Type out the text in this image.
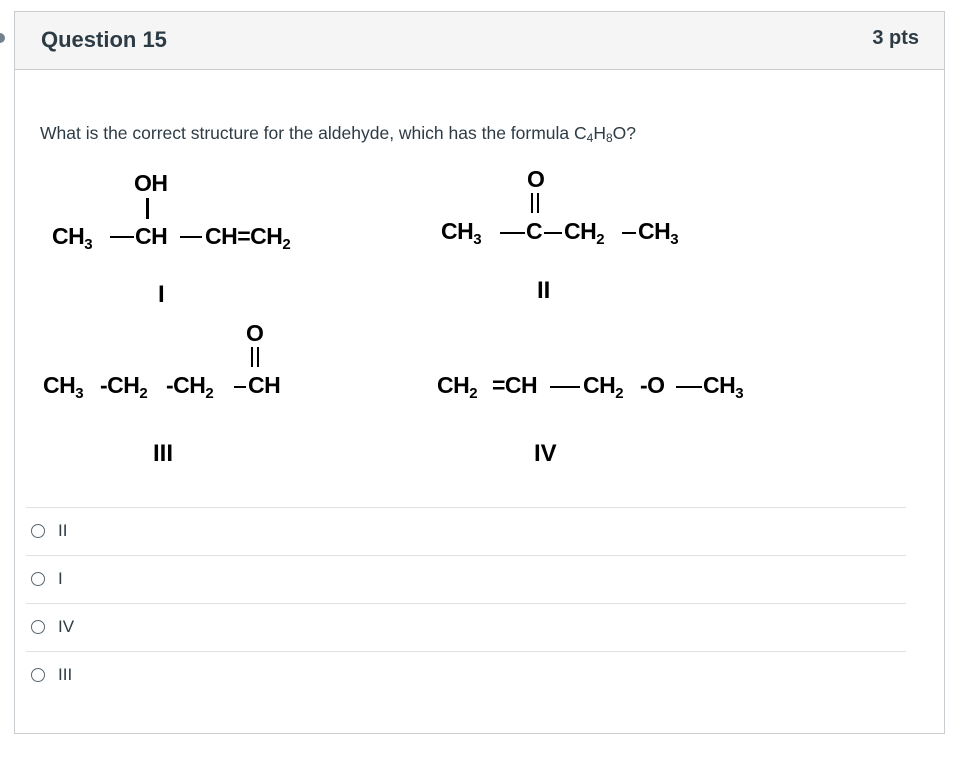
Question 15	3 pts
What is the correct structure for the aldehyde, which has the formula $C_4H_8O$?
OH
$CH_3$ CH $CH=CH_2$
I
O
$CH_3$ C $CH_2$ $CH_3$
II
O
$CH_3$ $-CH_2$ $-CH_2$ CH
III
$CH_2 =CH$ $CH_2$ -O $CH_3$
IV
II
I
IV
III
